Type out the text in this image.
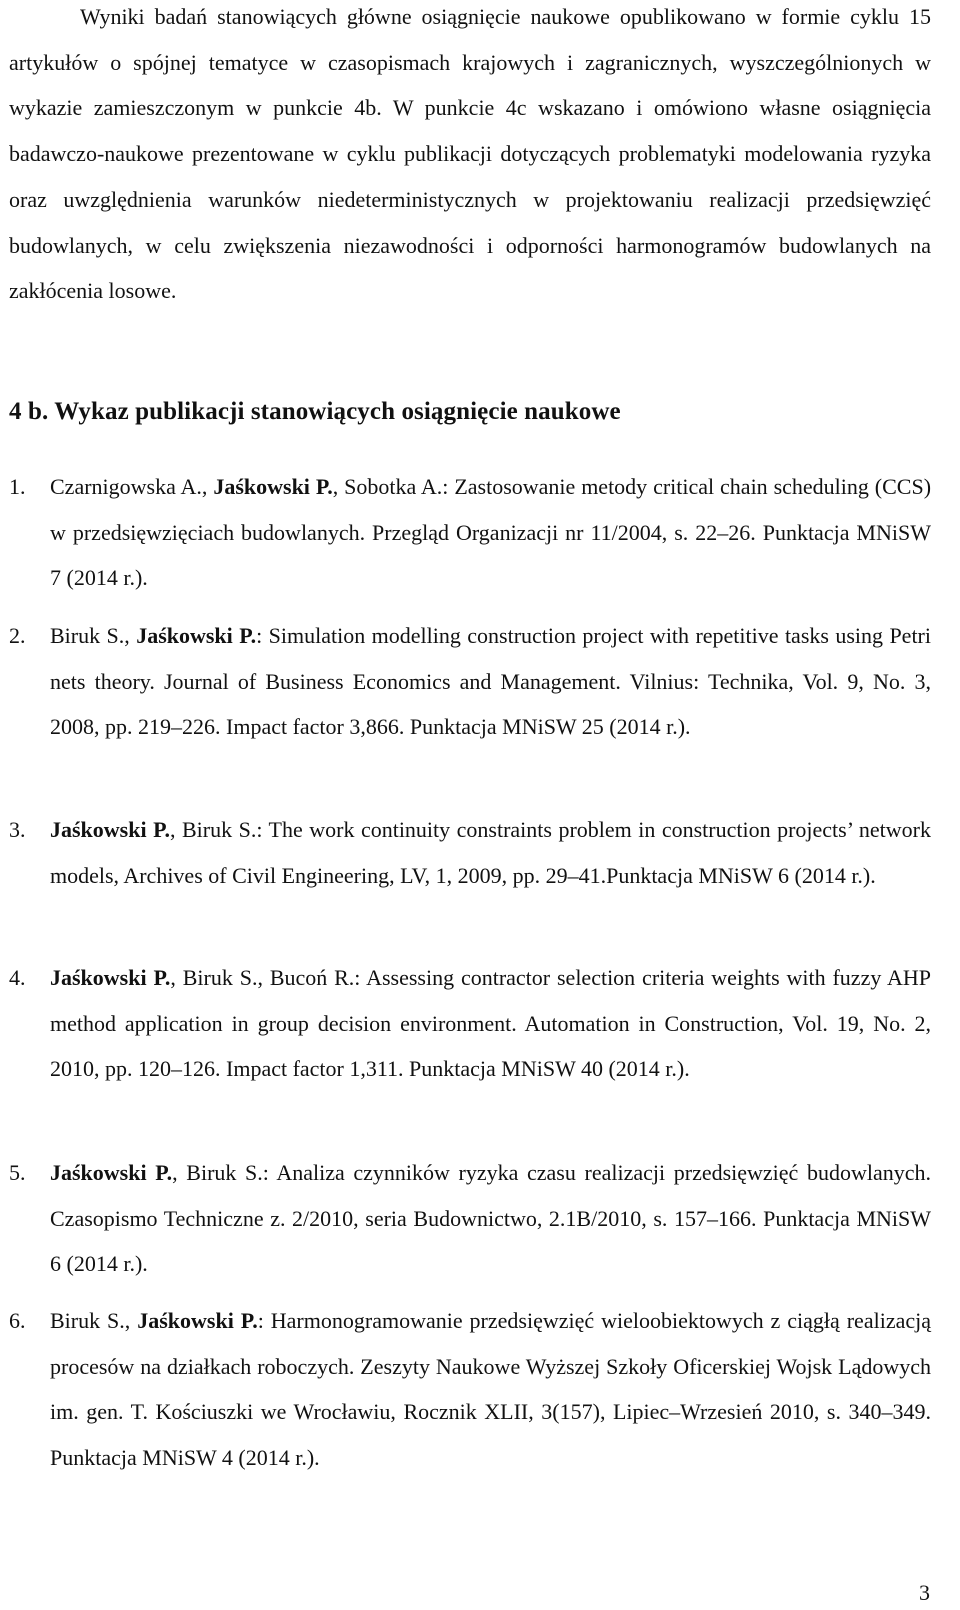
Wyniki badań stanowiących główne osiągnięcie naukowe opublikowano w formie cyklu 15 artykułów o spójnej tematyce w czasopismach krajowych i zagranicznych, wyszczególnionych w wykazie zamieszczonym w punkcie 4b. W punkcie 4c wskazano i omówiono własne osiągnięcia badawczo-naukowe prezentowane w cyklu publikacji dotyczących problematyki modelowania ryzyka oraz uwzględnienia warunków niedeterministycznych w projektowaniu realizacji przedsięwzięć budowlanych, w celu zwiększenia niezawodności i odporności harmonogramów budowlanych na zakłócenia losowe.

4 b. Wykaz publikacji stanowiących osiągnięcie naukowe
1. Czarnigowska A., Jaśkowski P., Sobotka A.: Zastosowanie metody critical chain scheduling (CCS) w przedsięwzięciach budowlanych. Przegląd Organizacji nr 11/2004, s. 22–26. Punktacja MNiSW 7 (2014 r.).
2. Biruk S., Jaśkowski P.: Simulation modelling construction project with repetitive tasks using Petri nets theory. Journal of Business Economics and Management. Vilnius: Technika, Vol. 9, No. 3, 2008, pp. 219–226. Impact factor 3,866. Punktacja MNiSW 25 (2014 r.).
3. Jaśkowski P., Biruk S.: The work continuity constraints problem in construction projects’ network models, Archives of Civil Engineering, LV, 1, 2009, pp. 29–41.Punktacja MNiSW 6 (2014 r.).
4. Jaśkowski P., Biruk S., Bucoń R.: Assessing contractor selection criteria weights with fuzzy AHP method application in group decision environment. Automation in Construction, Vol. 19, No. 2, 2010, pp. 120–126. Impact factor 1,311. Punktacja MNiSW 40 (2014 r.).
5. Jaśkowski P., Biruk S.: Analiza czynników ryzyka czasu realizacji przedsięwzięć budowlanych. Czasopismo Techniczne z. 2/2010, seria Budownictwo, 2.1B/2010, s. 157–166. Punktacja MNiSW 6 (2014 r.).
6. Biruk S., Jaśkowski P.: Harmonogramowanie przedsięwzięć wieloobiektowych z ciągłą realizacją procesów na działkach roboczych. Zeszyty Naukowe Wyższej Szkoły Oficerskiej Wojsk Lądowych im. gen. T. Kościuszki we Wrocławiu, Rocznik XLII, 3(157), Lipiec–Wrzesień 2010, s. 340–349. Punktacja MNiSW 4 (2014 r.).
3
